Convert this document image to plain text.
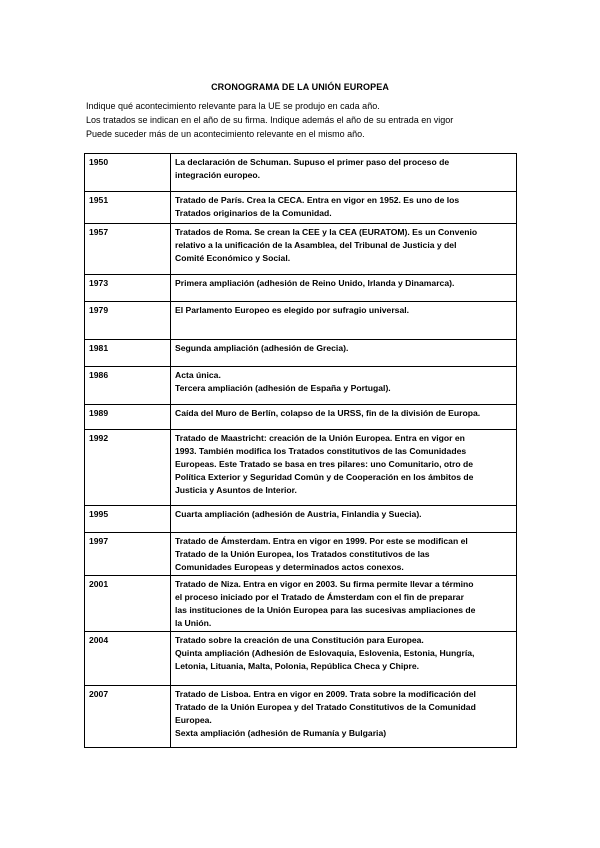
CRONOGRAMA DE LA UNIÓN EUROPEA
Indique qué acontecimiento relevante para la UE se produjo en cada año.
Los tratados se indican en el año de su firma. Indique además el año de su entrada en vigor
Puede suceder más de un acontecimiento relevante en el mismo año.
1950	La declaración de Schuman. Supuso el primer paso del proceso de
integración europeo.

1951	Tratado de París. Crea la CECA. Entra en vigor en 1952. Es uno de los
Tratados originarios de la Comunidad.

1957	Tratados de Roma. Se crean la CEE y la CEA (EURATOM). Es un Convenio
relativo a la unificación de la Asamblea, del Tribunal de Justicia y del
Comité Económico y Social.

1973	Primera ampliación (adhesión de Reino Unido, Irlanda y Dinamarca).

1979	El Parlamento Europeo es elegido por sufragio universal.

1981	Segunda ampliación (adhesión de Grecia).

1986	Acta única.
Tercera ampliación (adhesión de España y Portugal).

1989	Caída del Muro de Berlín, colapso de la URSS, fin de la división de Europa.

1992	Tratado de Maastricht: creación de la Unión Europea. Entra en vigor en
1993. También modifica los Tratados constitutivos de las Comunidades
Europeas. Este Tratado se basa en tres pilares: uno Comunitario, otro de
Política Exterior y Seguridad Común y de Cooperación en los ámbitos de
Justicia y Asuntos de Interior.

1995	Cuarta ampliación (adhesión de Austria, Finlandia y Suecia).

1997	Tratado de Ámsterdam. Entra en vigor en 1999. Por este se modifican el
Tratado de la Unión Europea, los Tratados constitutivos de las
Comunidades Europeas y determinados actos conexos.

2001	Tratado de Niza. Entra en vigor en 2003. Su firma permite llevar a término
el proceso iniciado por el Tratado de Ámsterdam con el fin de preparar
las instituciones de la Unión Europea para las sucesivas ampliaciones de
la Unión.

2004	Tratado sobre la creación de una Constitución para Europea.
Quinta ampliación (Adhesión de Eslovaquia, Eslovenia, Estonia, Hungría,
Letonia, Lituania, Malta, Polonia, República Checa y Chipre.

2007	Tratado de Lisboa. Entra en vigor en 2009. Trata sobre la modificación del
Tratado de la Unión Europea y del Tratado Constitutivos de la Comunidad
Europea.
Sexta ampliación (adhesión de Rumanía y Bulgaria)
